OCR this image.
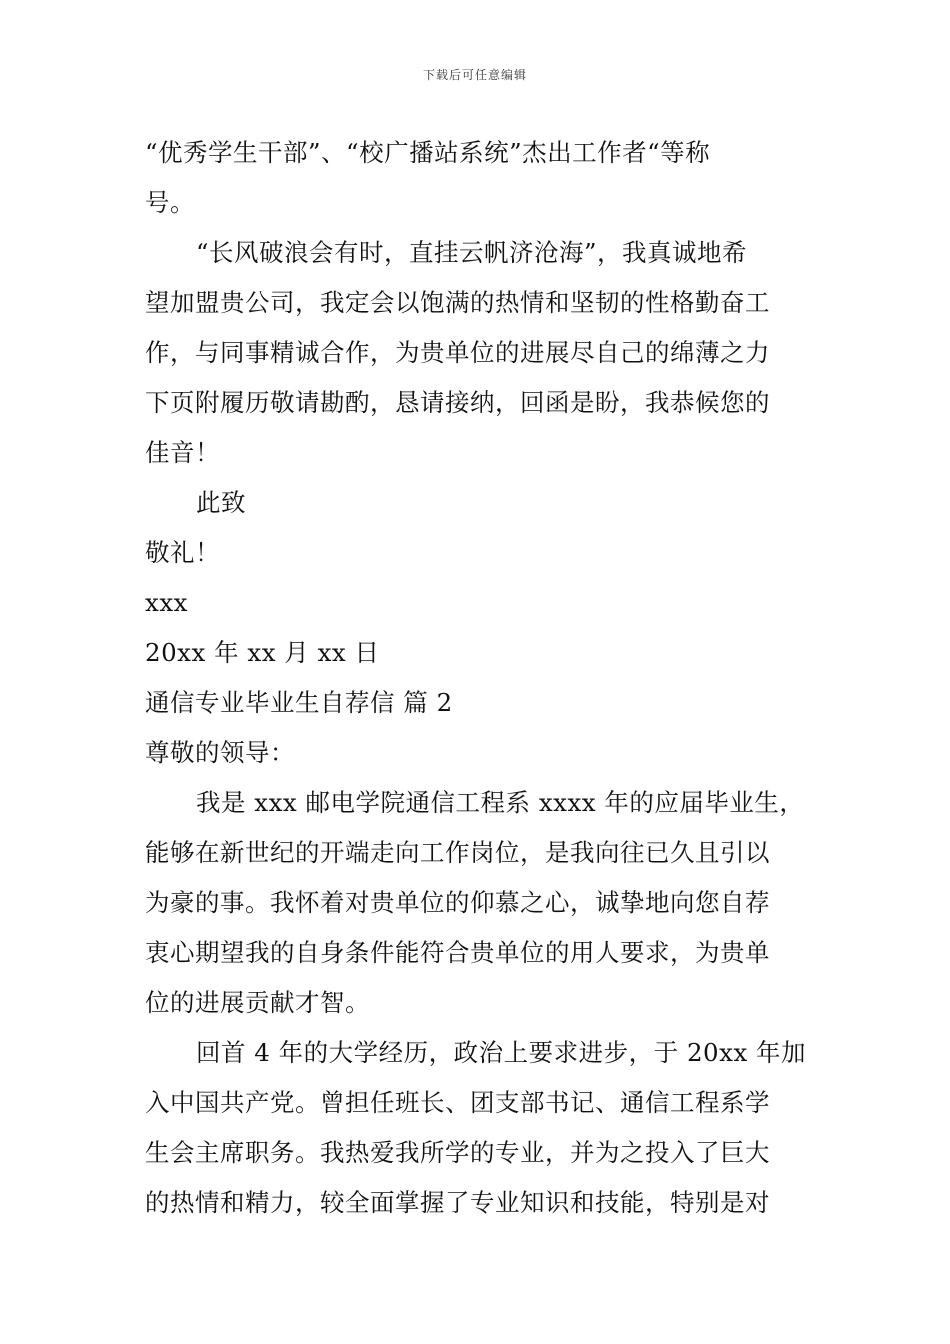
下载后可任意编辑
“优秀学生干部”、“校广播站系统”杰出工作者“等称
号。
“长风破浪会有时，直挂云帆济沧海”，我真诚地希
望加盟贵公司，我定会以饱满的热情和坚韧的性格勤奋工
作，与同事精诚合作，为贵单位的进展尽自己的绵薄之力
下页附履历敬请勘酌，恳请接纳，回函是盼，我恭候您的
佳音！
此致
敬礼！
xxx
20xx 年 xx 月 xx 日
通信专业毕业生自荐信 篇 2
尊敬的领导：
我是 xxx 邮电学院通信工程系 xxxx 年的应届毕业生，
能够在新世纪的开端走向工作岗位，是我向往已久且引以
为豪的事。我怀着对贵单位的仰慕之心，诚挚地向您自荐
衷心期望我的自身条件能符合贵单位的用人要求，为贵单
位的进展贡献才智。
回首 4 年的大学经历，政治上要求进步，于 20xx 年加
入中国共产党。曾担任班长、团支部书记、通信工程系学
生会主席职务。我热爱我所学的专业，并为之投入了巨大
的热情和精力，较全面掌握了专业知识和技能，特别是对
